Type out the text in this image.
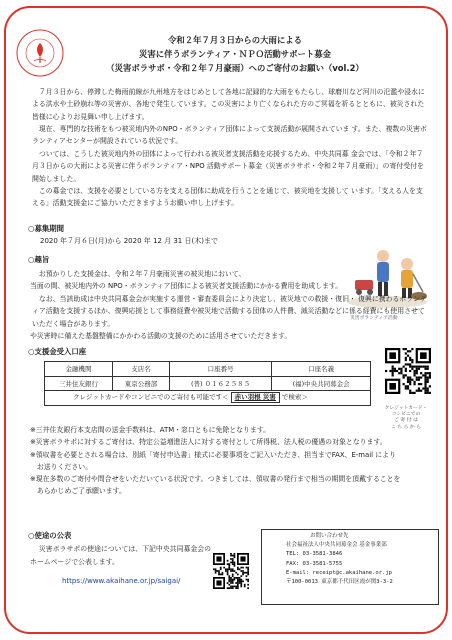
令和２年７月３日からの大雨による
災害に伴うボランティア・ＮＰＯ活動サポート募金
（災害ボラサポ・令和２年７月豪雨）へのご寄付のお願い（vol.2）
７月３日から、停滞した梅雨前線が九州地方をはじめとして各地に記録的な大雨をもたらし、球磨川など河川の氾濫や浸水による洪水や土砂崩れ等の災害が、各地で発生しています。この災害により亡くなられた方のご冥福を祈るとともに、被災された皆様に心よりお見舞い申し上げます。
現在、専門的な技術をもつ被災地内外のNPO・ボランティア団体によって支援活動が展開されていま す。また、複数の災害ボランティアセンターが開設されている状況です。
ついては、こうした被災地内外の団体によって行われる被災者支援活動を応援するため、中央共同募 金会では、「令和２年７月３日からの大雨による災害に伴うボランティア・NPO 活動サポート募金（災害ボラサポ・令和２年７月豪雨）」の寄付受付を開始しました。
この募金では、支援を必要としている方を支える団体に助成を行うことを通じて、被災地を支援して います。「支える人を支える」活動支援金にご協力いただきますようお願い申し上げます。
○募集期間
2020 年７月６日(月)から 2020 年 12 月 31 日(木)まで
災害ボランティア活動
○趣旨
お預かりした支援金は、令和２年７月豪雨災害の被災地において、
当面の間、被災地内外の NPO・ボランティア団体による被災者支援活動にかかる費用を助成します。
なお、当該助成は中央共同募金会が実施する運営・審査委員会により決定し、被災地での救援・復旧・ 復興に携わるボランティア活動を支援するほか、復興応援として事務経費や被災地で活動する団体の人件費、減災活動などに係る経費にも使用させていただく場合があります。
や災害時に備えた基盤整備にかかわる活動の支援のために活用させていただきます。
○支援金受入口座
金融機関	支店名	口座番号	口座名義
三井住友銀行	東京公務部	(普) ０１６２５８５	(福)中央共同募金会
クレジットカードやコンビニでのご寄付も可能です＜ 赤い羽根 災害 で検索＞			
クレジットカード・
コンビニでの
ご 寄 付 は
こ ち ら か ら
※三井住友銀行本支店間の送金手数料は、ATM・窓口ともに免除となります。
※災害ボラサポに対するご寄付は、特定公益増進法人に対する寄付として所得税、法人税の優遇の対象となります。
※領収書を必要とされる場合は、別紙「寄付申込書」様式に必要事項をご記入いただき、担当までFAX、E-mail によりお送りください。
※現在多数のご寄付や問合せをいただいている状況です。つきましては、領収書の発行まで相当の期間を頂戴することをあらかじめご了承願います。
○使途の公表
災害ボラサポの使途については、下記中央共同募金会の
ホームページで公表します。
https://www.akaihane.or.jp/saigai/
お問い合わせ先
社会福祉法人中央共同募金会 基金事業部
TEL: 03-3581-3846
FAX: 03-3581-5755
E-mail: receipt@c.akaihane.or.jp
〒100-0013 東京都千代田区霞が関3-3-2
